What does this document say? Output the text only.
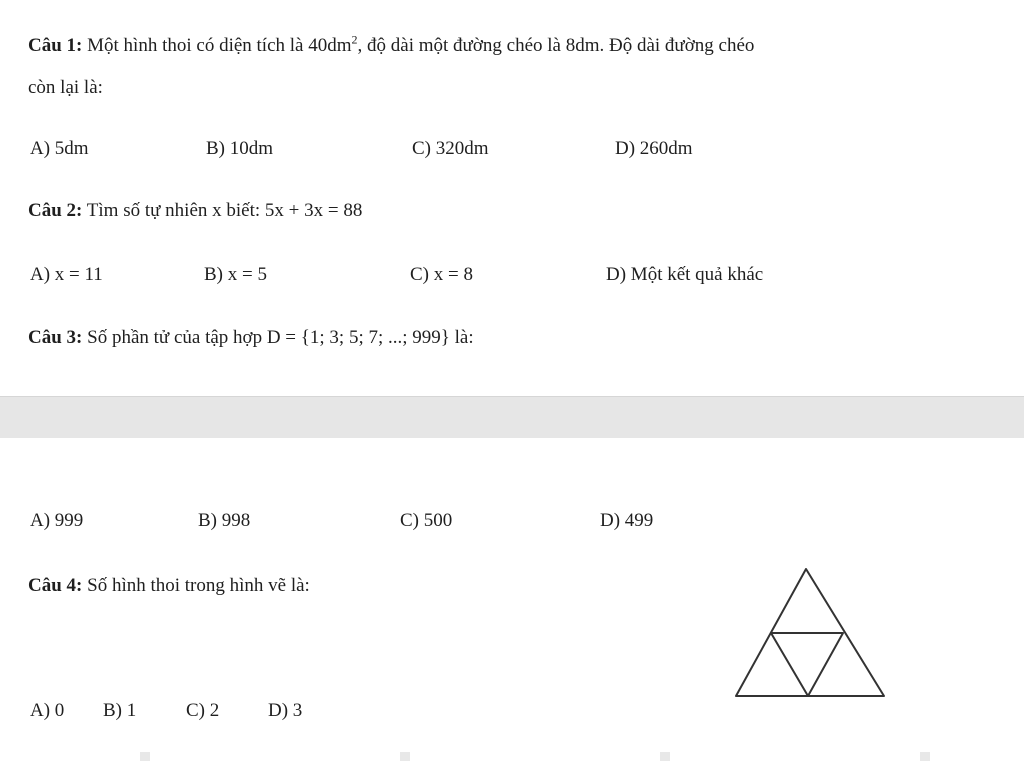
Câu 1: Một hình thoi có diện tích là $40dm^2$, độ dài một đường chéo là 8dm. Độ dài đường chéo
còn lại là:
A) 5dm	B) 10dm	C) 320dm	D) 260dm
Câu 2: Tìm số tự nhiên x biết: 5x + 3x = 88
A) x = 11	B) x = 5	C) x = 8	D) Một kết quả khác
Câu 3: Số phần tử của tập hợp D = {1; 3; 5; 7; ...; 999} là:
A) 999	B) 998	C) 500	D) 499
Câu 4: Số hình thoi trong hình vẽ là:
A) 0 B) 1	C) 2	D) 3
